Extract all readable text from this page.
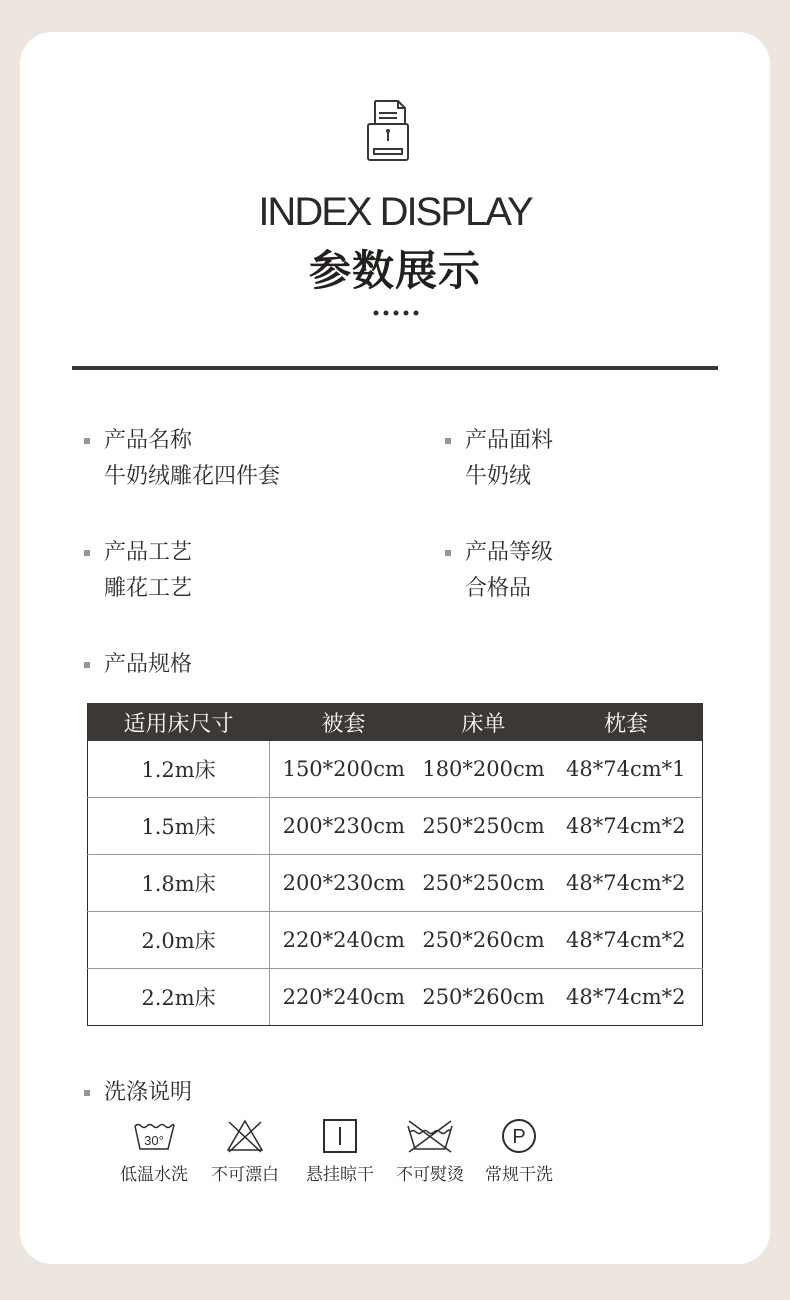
INDEX DISPLAY
参数展示
产品名称
牛奶绒雕花四件套
产品面料
牛奶绒
产品工艺
雕花工艺
产品等级
合格品
产品规格
适用床尺寸	被套	床单	枕套
1.2m床	150*200cm	180*200cm	48*74cm*1
1.5m床	200*230cm	250*250cm	48*74cm*2
1.8m床	200*230cm	250*250cm	48*74cm*2
2.0m床	220*240cm	250*260cm	48*74cm*2
2.2m床	220*240cm	250*260cm	48*74cm*2
洗涤说明
30°
低温水洗	不可漂白	悬挂晾干	不可熨烫
P
常规干洗
